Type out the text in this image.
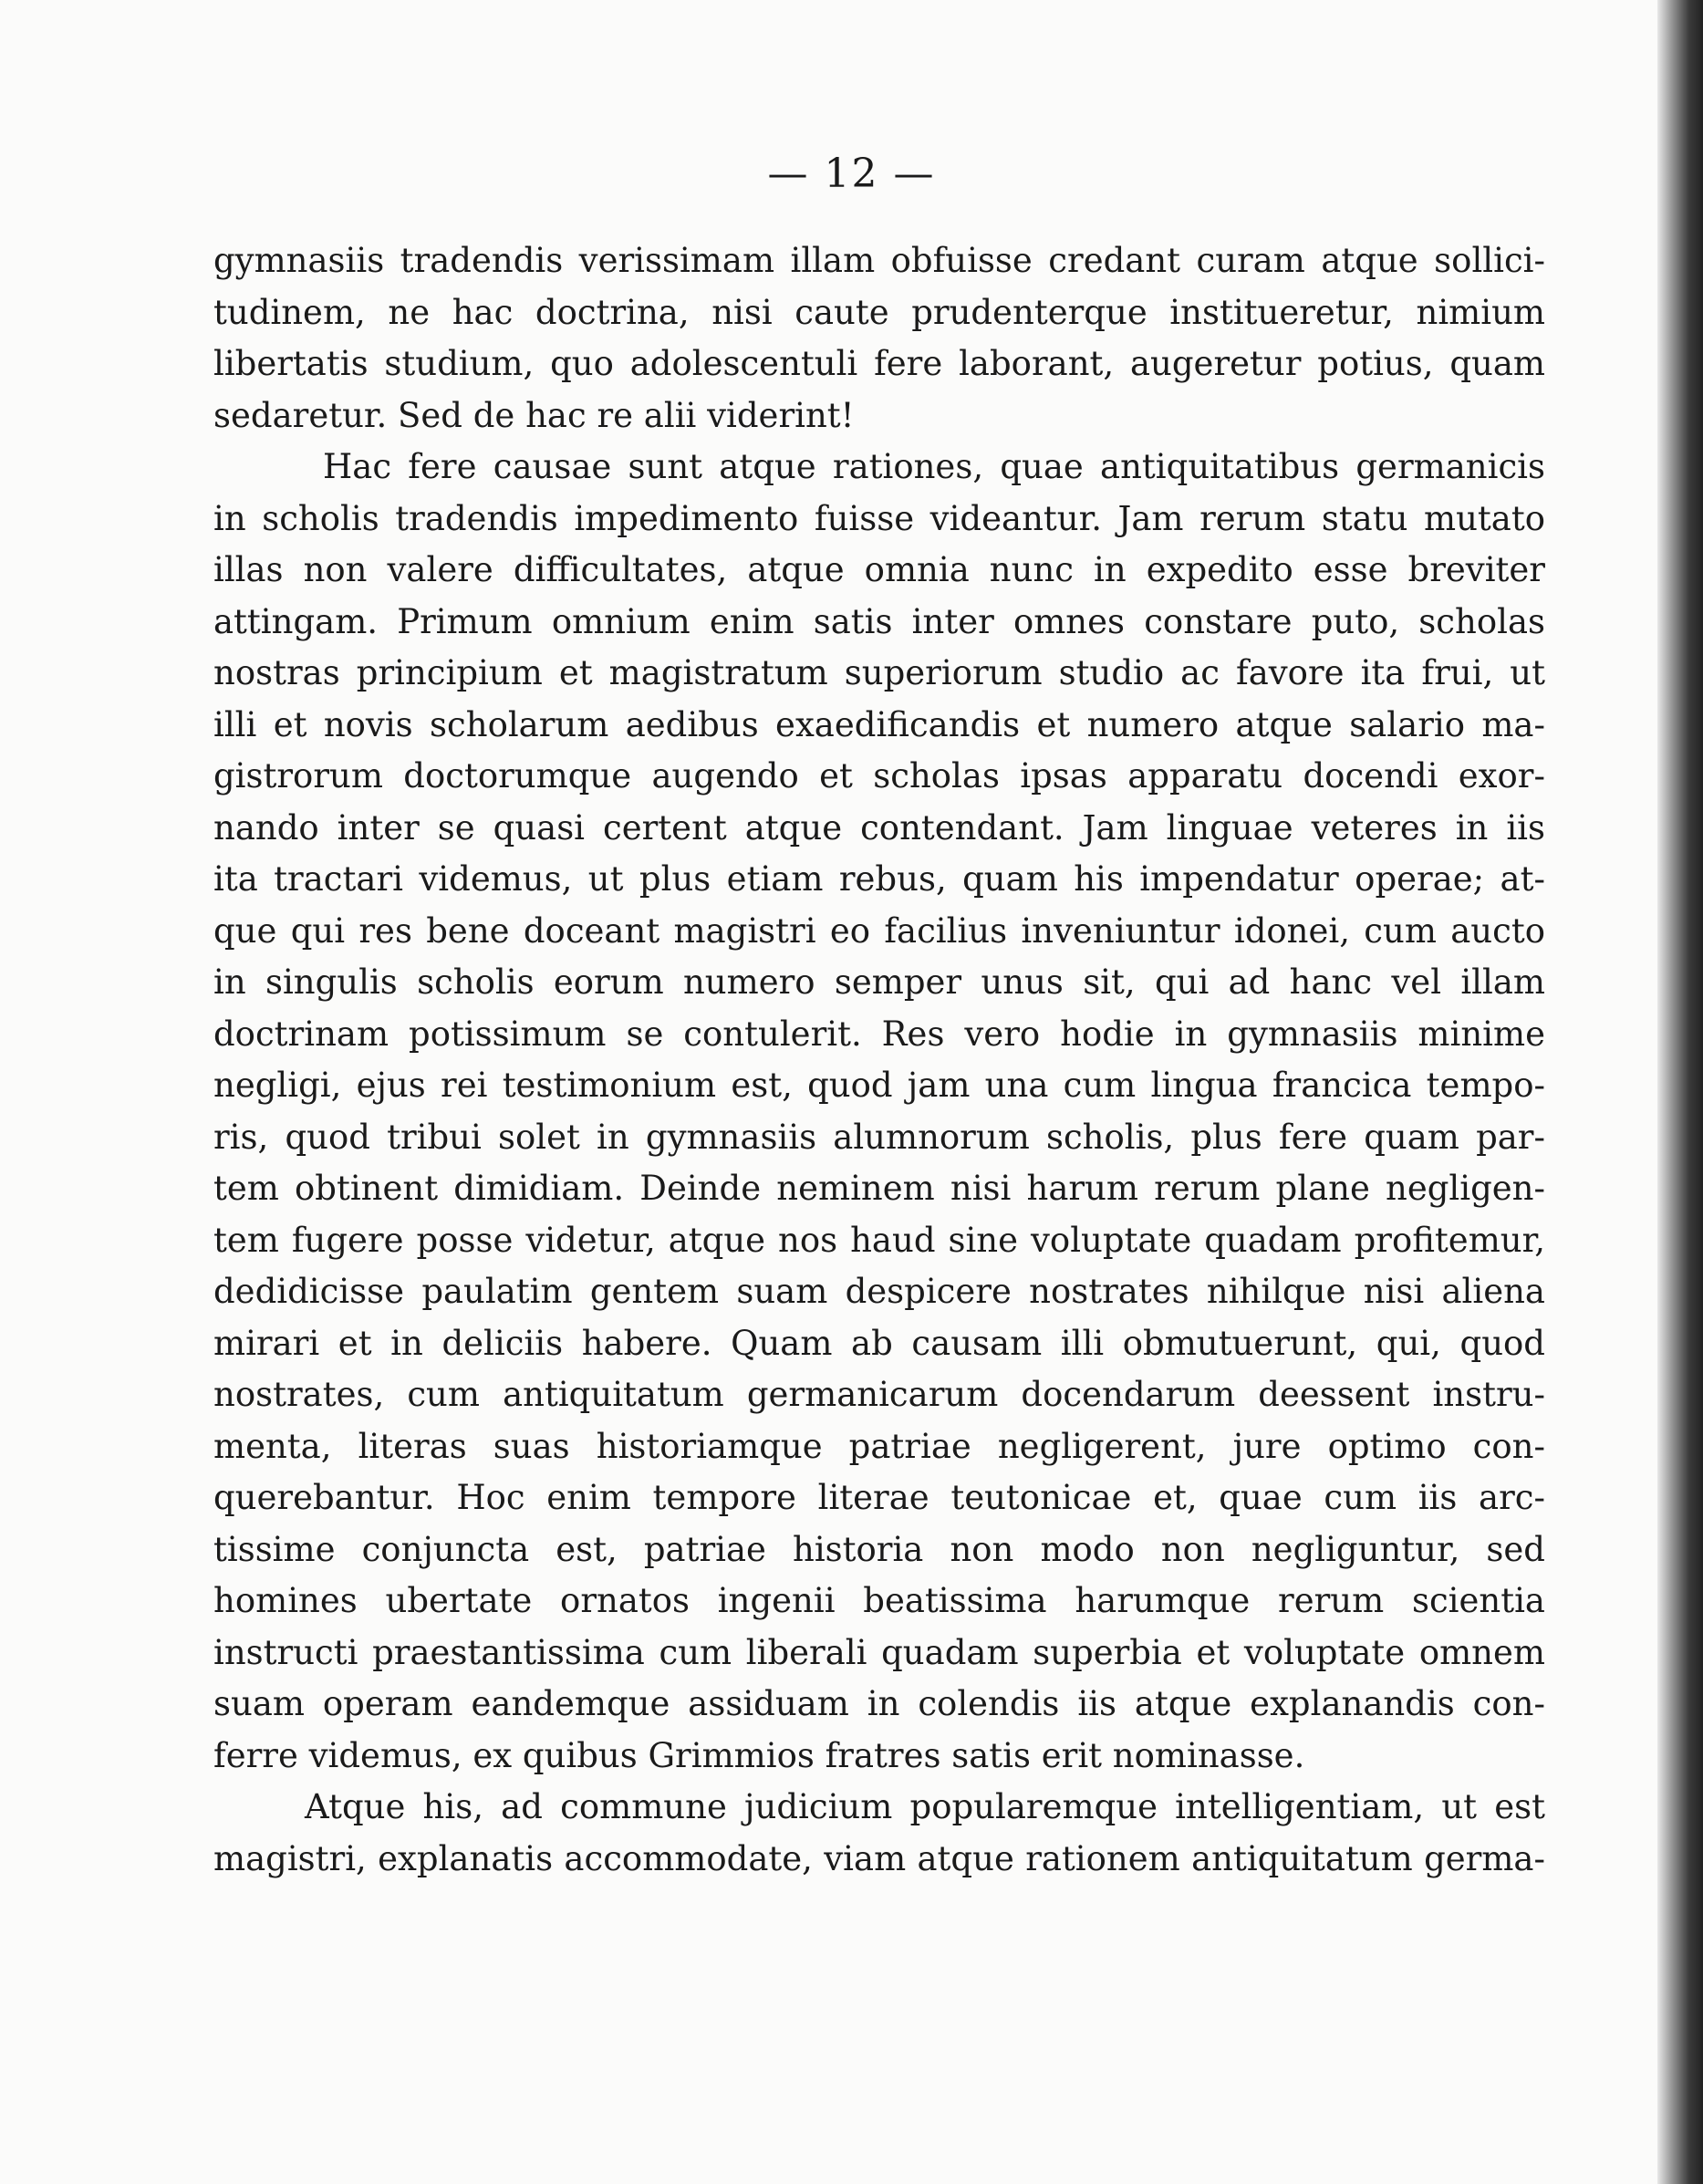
— 12 —
gymnasiis tradendis verissimam illam obfuisse credant curam atque sollici-
tudinem, ne hac doctrina, nisi caute prudenterque institueretur, nimium
libertatis studium, quo adolescentuli fere laborant, augeretur potius, quam
sedaretur. Sed de hac re alii viderint!
Hac fere causae sunt atque rationes, quae antiquitatibus germanicis
in scholis tradendis impedimento fuisse videantur. Jam rerum statu mutato
illas non valere difficultates, atque omnia nunc in expedito esse breviter
attingam. Primum omnium enim satis inter omnes constare puto, scholas
nostras principium et magistratum superiorum studio ac favore ita frui, ut
illi et novis scholarum aedibus exaedificandis et numero atque salario ma-
gistrorum doctorumque augendo et scholas ipsas apparatu docendi exor-
nando inter se quasi certent atque contendant. Jam linguae veteres in iis
ita tractari videmus, ut plus etiam rebus, quam his impendatur operae; at-
que qui res bene doceant magistri eo facilius inveniuntur idonei, cum aucto
in singulis scholis eorum numero semper unus sit, qui ad hanc vel illam
doctrinam potissimum se contulerit. Res vero hodie in gymnasiis minime
negligi, ejus rei testimonium est, quod jam una cum lingua francica tempo-
ris, quod tribui solet in gymnasiis alumnorum scholis, plus fere quam par-
tem obtinent dimidiam. Deinde neminem nisi harum rerum plane negligen-
tem fugere posse videtur, atque nos haud sine voluptate quadam profitemur,
dedidicisse paulatim gentem suam despicere nostrates nihilque nisi aliena
mirari et in deliciis habere. Quam ab causam illi obmutuerunt, qui, quod
nostrates, cum antiquitatum germanicarum docendarum deessent instru-
menta, literas suas historiamque patriae negligerent, jure optimo con-
querebantur. Hoc enim tempore literae teutonicae et, quae cum iis arc-
tissime conjuncta est, patriae historia non modo non negliguntur, sed
homines ubertate ornatos ingenii beatissima harumque rerum scientia
instructi praestantissima cum liberali quadam superbia et voluptate omnem
suam operam eandemque assiduam in colendis iis atque explanandis con-
ferre videmus, ex quibus Grimmios fratres satis erit nominasse.
Atque his, ad commune judicium popularemque intelligentiam, ut est
magistri, explanatis accommodate, viam atque rationem antiquitatum germa-
